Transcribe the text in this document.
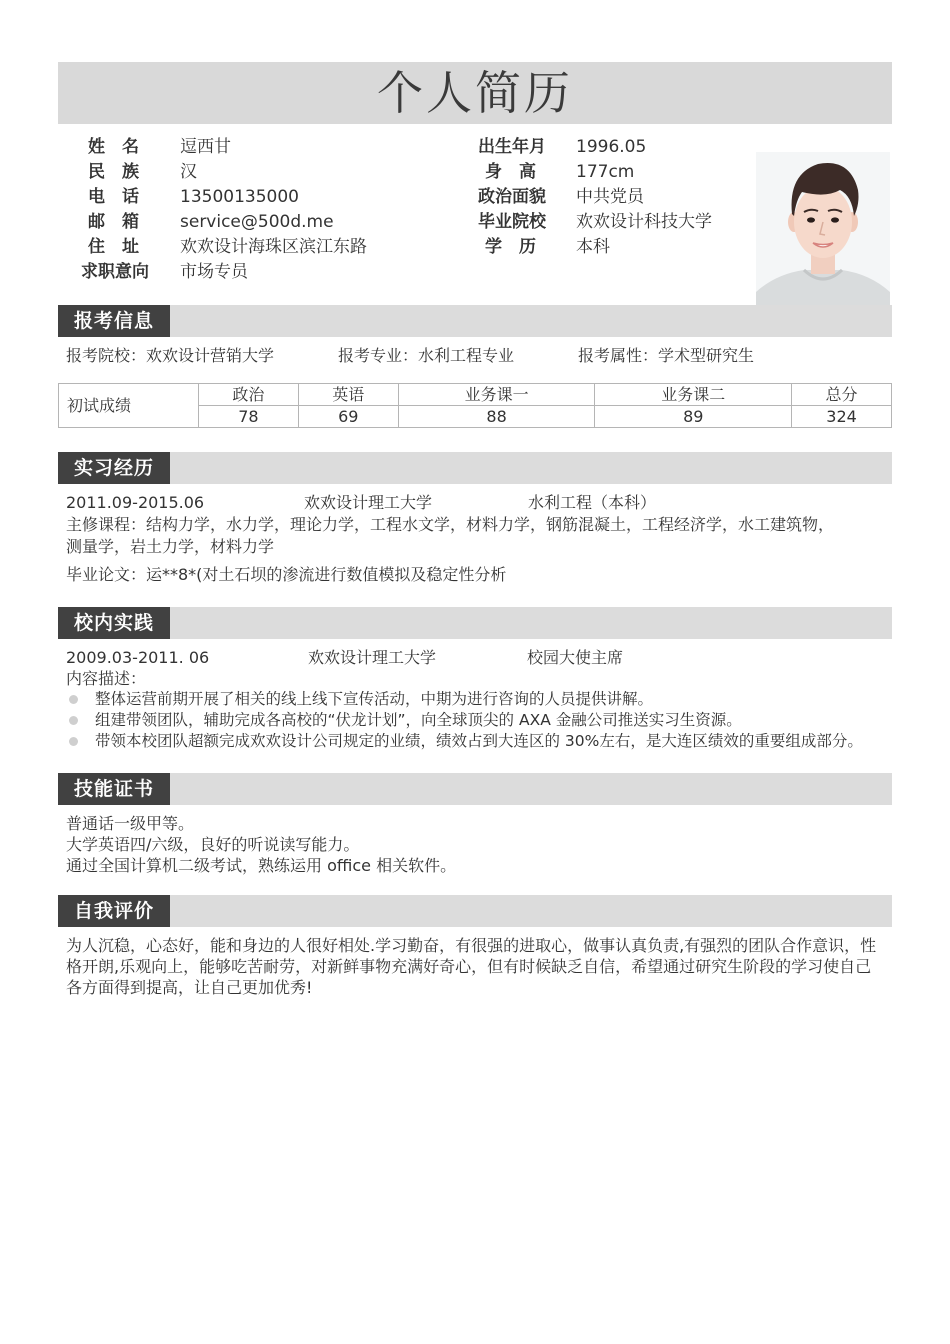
个人简历
姓　名 逗西甘
民　族 汉
电　话 13500135000
邮　箱 service@500d.me
住　址 欢欢设计海珠区滨江东路
求职意向 市场专员
出生年月 1996.05
身　高 177cm
政治面貌 中共党员
毕业院校 欢欢设计科技大学
学　历 本科
报考信息
报考院校：欢欢设计营销大学	报考专业：水利工程专业	报考属性：学术型研究生
初试成绩	政治	英语	业务课一	业务课二	总分
	78	69	88	89	324
实习经历
2011.09-2015.06	欢欢设计理工大学	水利工程（本科）
主修课程：结构力学，水力学，理论力学，工程水文学，材料力学，钢筋混凝土，工程经济学，水工建筑物，
测量学，岩土力学，材料力学
毕业论文：运**8*(对土石坝的渗流进行数值模拟及稳定性分析
校内实践
2009.03-2011. 06	欢欢设计理工大学	校园大使主席
内容描述：
整体运营前期开展了相关的线上线下宣传活动，中期为进行咨询的人员提供讲解。
组建带领团队，辅助完成各高校的“伏龙计划”，向全球顶尖的 AXA 金融公司推送实习生资源。
带领本校团队超额完成欢欢设计公司规定的业绩，绩效占到大连区的 30%左右，是大连区绩效的重要组成部分。
技能证书
普通话一级甲等。
大学英语四/六级，良好的听说读写能力。
通过全国计算机二级考试，熟练运用 office 相关软件。
自我评价
为人沉稳，心态好，能和身边的人很好相处.学习勤奋，有很强的进取心，做事认真负责,有强烈的团队合作意识，性
格开朗,乐观向上，能够吃苦耐劳，对新鲜事物充满好奇心，但有时候缺乏自信，希望通过研究生阶段的学习使自己
各方面得到提高，让自己更加优秀!
